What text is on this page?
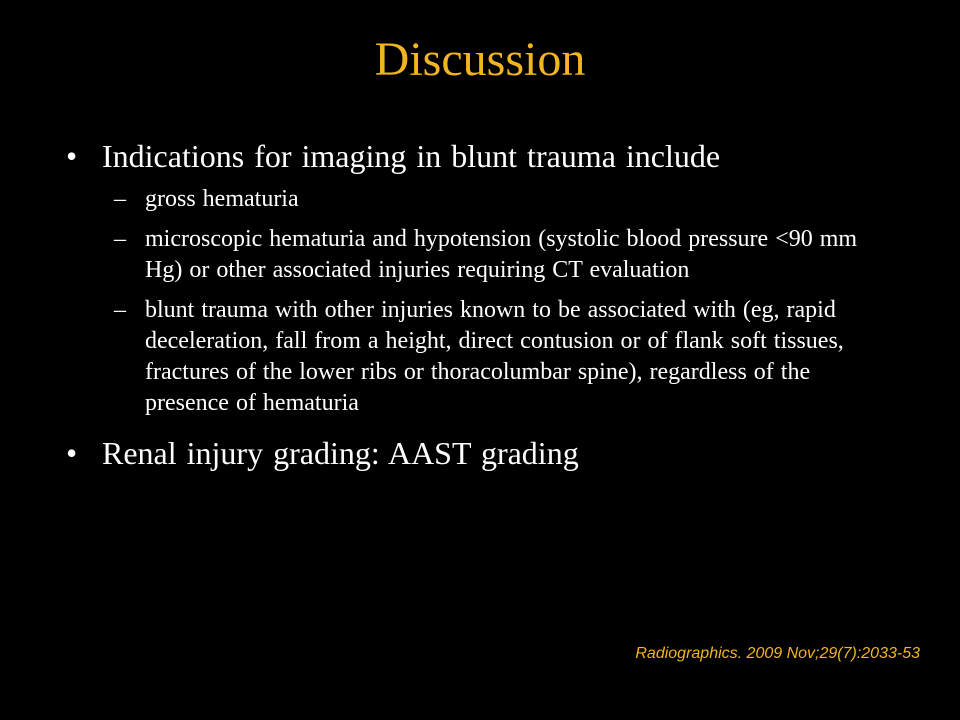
Discussion
• Indications for imaging in blunt trauma include
– gross hematuria
– microscopic hematuria and hypotension (systolic blood pressure <90 mm Hg) or other associated injuries requiring CT evaluation
– blunt trauma with other injuries known to be associated with (eg, rapid deceleration, fall from a height, direct contusion or of flank soft tissues, fractures of the lower ribs or thoracolumbar spine), regardless of the presence of hematuria
• Renal injury grading: AAST grading
Radiographics. 2009 Nov;29(7):2033-53
